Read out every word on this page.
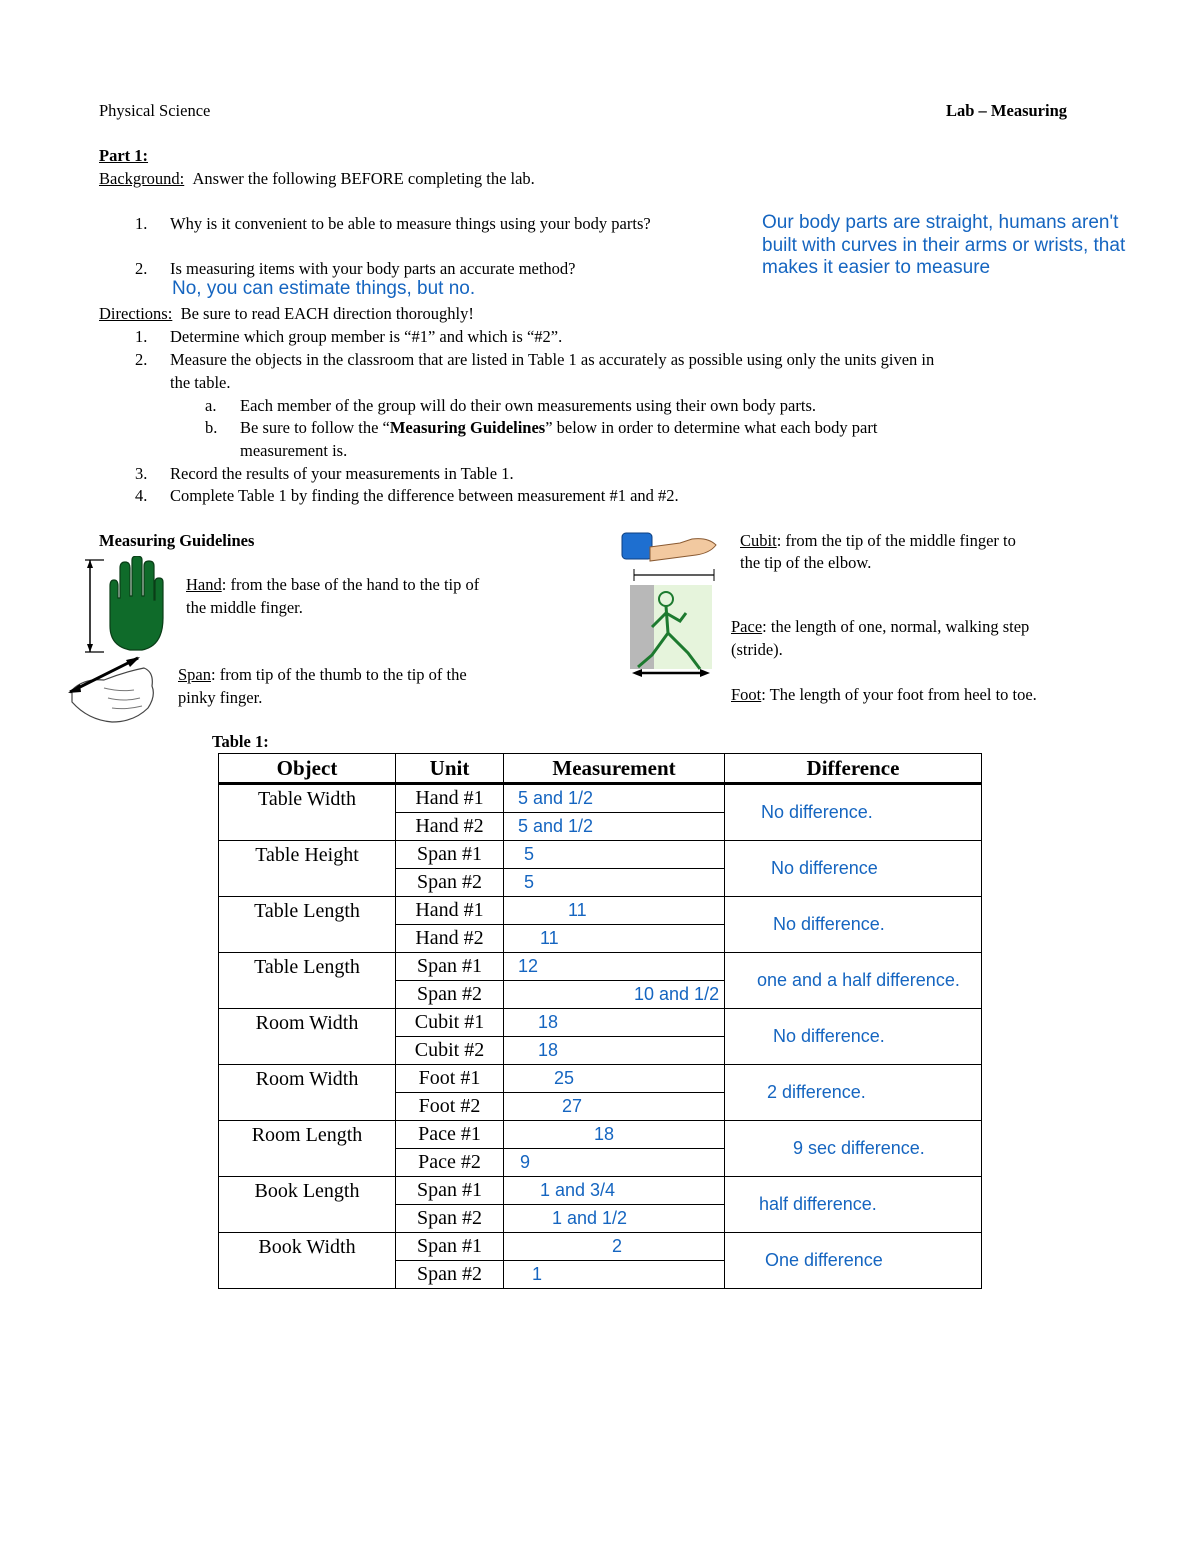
Physical Science	Lab – Measuring
Part 1:
Background: Answer the following BEFORE completing the lab.
1. Why is it convenient to be able to measure things using your body parts?
2. Is measuring items with your body parts an accurate method?
Our body parts are straight, humans aren't
built with curves in their arms or wrists, that
makes it easier to measure
No, you can estimate things, but no.
Directions: Be sure to read EACH direction thoroughly!
1. Determine which group member is “#1” and which is “#2”.
2. Measure the objects in the classroom that are listed in Table 1 as accurately as possible using only the units given in
the table.
a. Each member of the group will do their own measurements using their own body parts.
b. Be sure to follow the “Measuring Guidelines” below in order to determine what each body part
measurement is.
3. Record the results of your measurements in Table 1.
4. Complete Table 1 by finding the difference between measurement #1 and #2.
Measuring Guidelines
Hand: from the base of the hand to the tip of
the middle finger.
Span: from tip of the thumb to the tip of the
pinky finger.
Cubit: from the tip of the middle finger to
the tip of the elbow.
Pace: the length of one, normal, walking step
(stride).
Foot: The length of your foot from heel to toe.
Table 1:
Object	Unit	Measurement	Difference
Table Width	Hand #1	5 and 1/2	No difference.

	Hand #2	5 and 1/2	

Table Height	Span #1	5	No difference

	Span #2	5	

Table Length	Hand #1	11	No difference.

	Hand #2	11	

Table Length	Span #1	12	one and a half difference.

	Span #2	10 and 1/2	

Room Width	Cubit #1	18	No difference.

	Cubit #2	18	

Room Width	Foot #1	25	2 difference.

	Foot #2	27	

Room Length	Pace #1	18	9 sec difference.

	Pace #2	9	

Book Length	Span #1	1 and 3/4	half difference.

	Span #2	1 and 1/2	

Book Width	Span #1	2	One difference

	Span #2	1	
